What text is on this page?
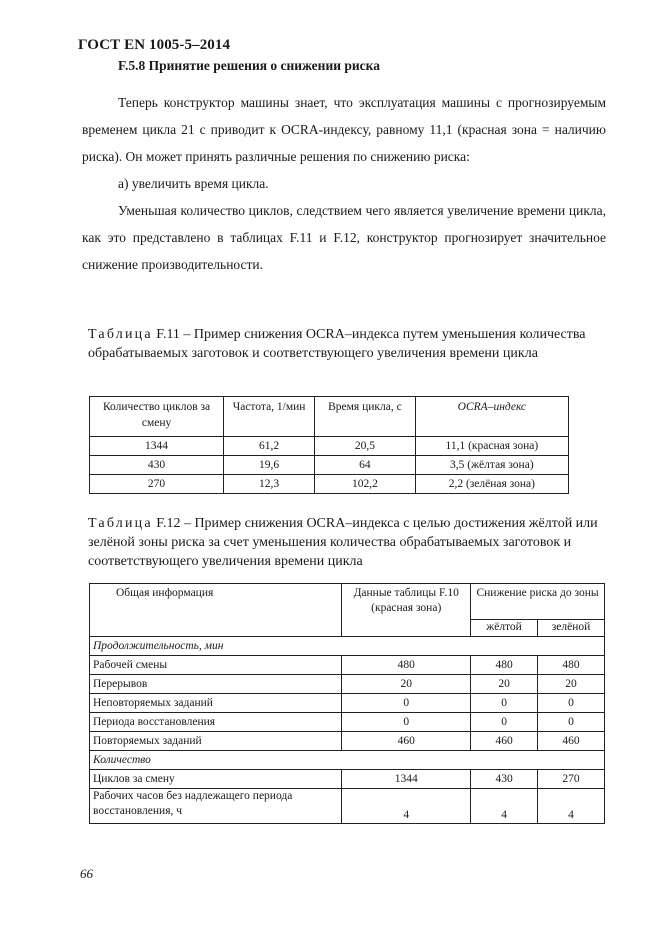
ГОСТ EN 1005-5–2014
F.5.8 Принятие решения о снижении риска

Теперь конструктор машины знает, что эксплуатация машины с прогнозируемым временем цикла 21 с приводит к OCRA-индексу, равному 11,1 (красная зона = наличию риска). Он может принять различные решения по снижению риска:

а) увеличить время цикла.

Уменьшая количество циклов, следствием чего является увеличение времени цикла, как это представлено в таблицах F.11 и F.12, конструктор прогнозирует значительное снижение производительности.

Таблица F.11 – Пример снижения OCRA–индекса путем уменьшения количества обрабатываемых заготовок и соответствующего увеличения времени цикла

Количество циклов за смену	Частота, 1/мин	Время цикла, с	OCRA–индекс
1344	61,2	20,5	11,1 (красная зона)
430	19,6	64	3,5 (жёлтая зона)
270	12,3	102,2	2,2 (зелёная зона)

Таблица F.12 – Пример снижения OCRA–индекса с целью достижения жёлтой или зелёной зоны риска за счет уменьшения количества обрабатываемых заготовок и соответствующего увеличения времени цикла

Общая информация	Данные таблицы F.10 (красная зона)	Снижение риска до зоны	
		жёлтой	зелёной
Продолжительность, мин			
Рабочей смены	480	480	480
Перерывов	20	20	20
Неповторяемых заданий	0	0	0
Периода восстановления	0	0	0
Повторяемых заданий	460	460	460
Количество			
Циклов за смену	1344	430	270
Рабочих часов без надлежащего периода восстановления, ч	4	4	4
66
